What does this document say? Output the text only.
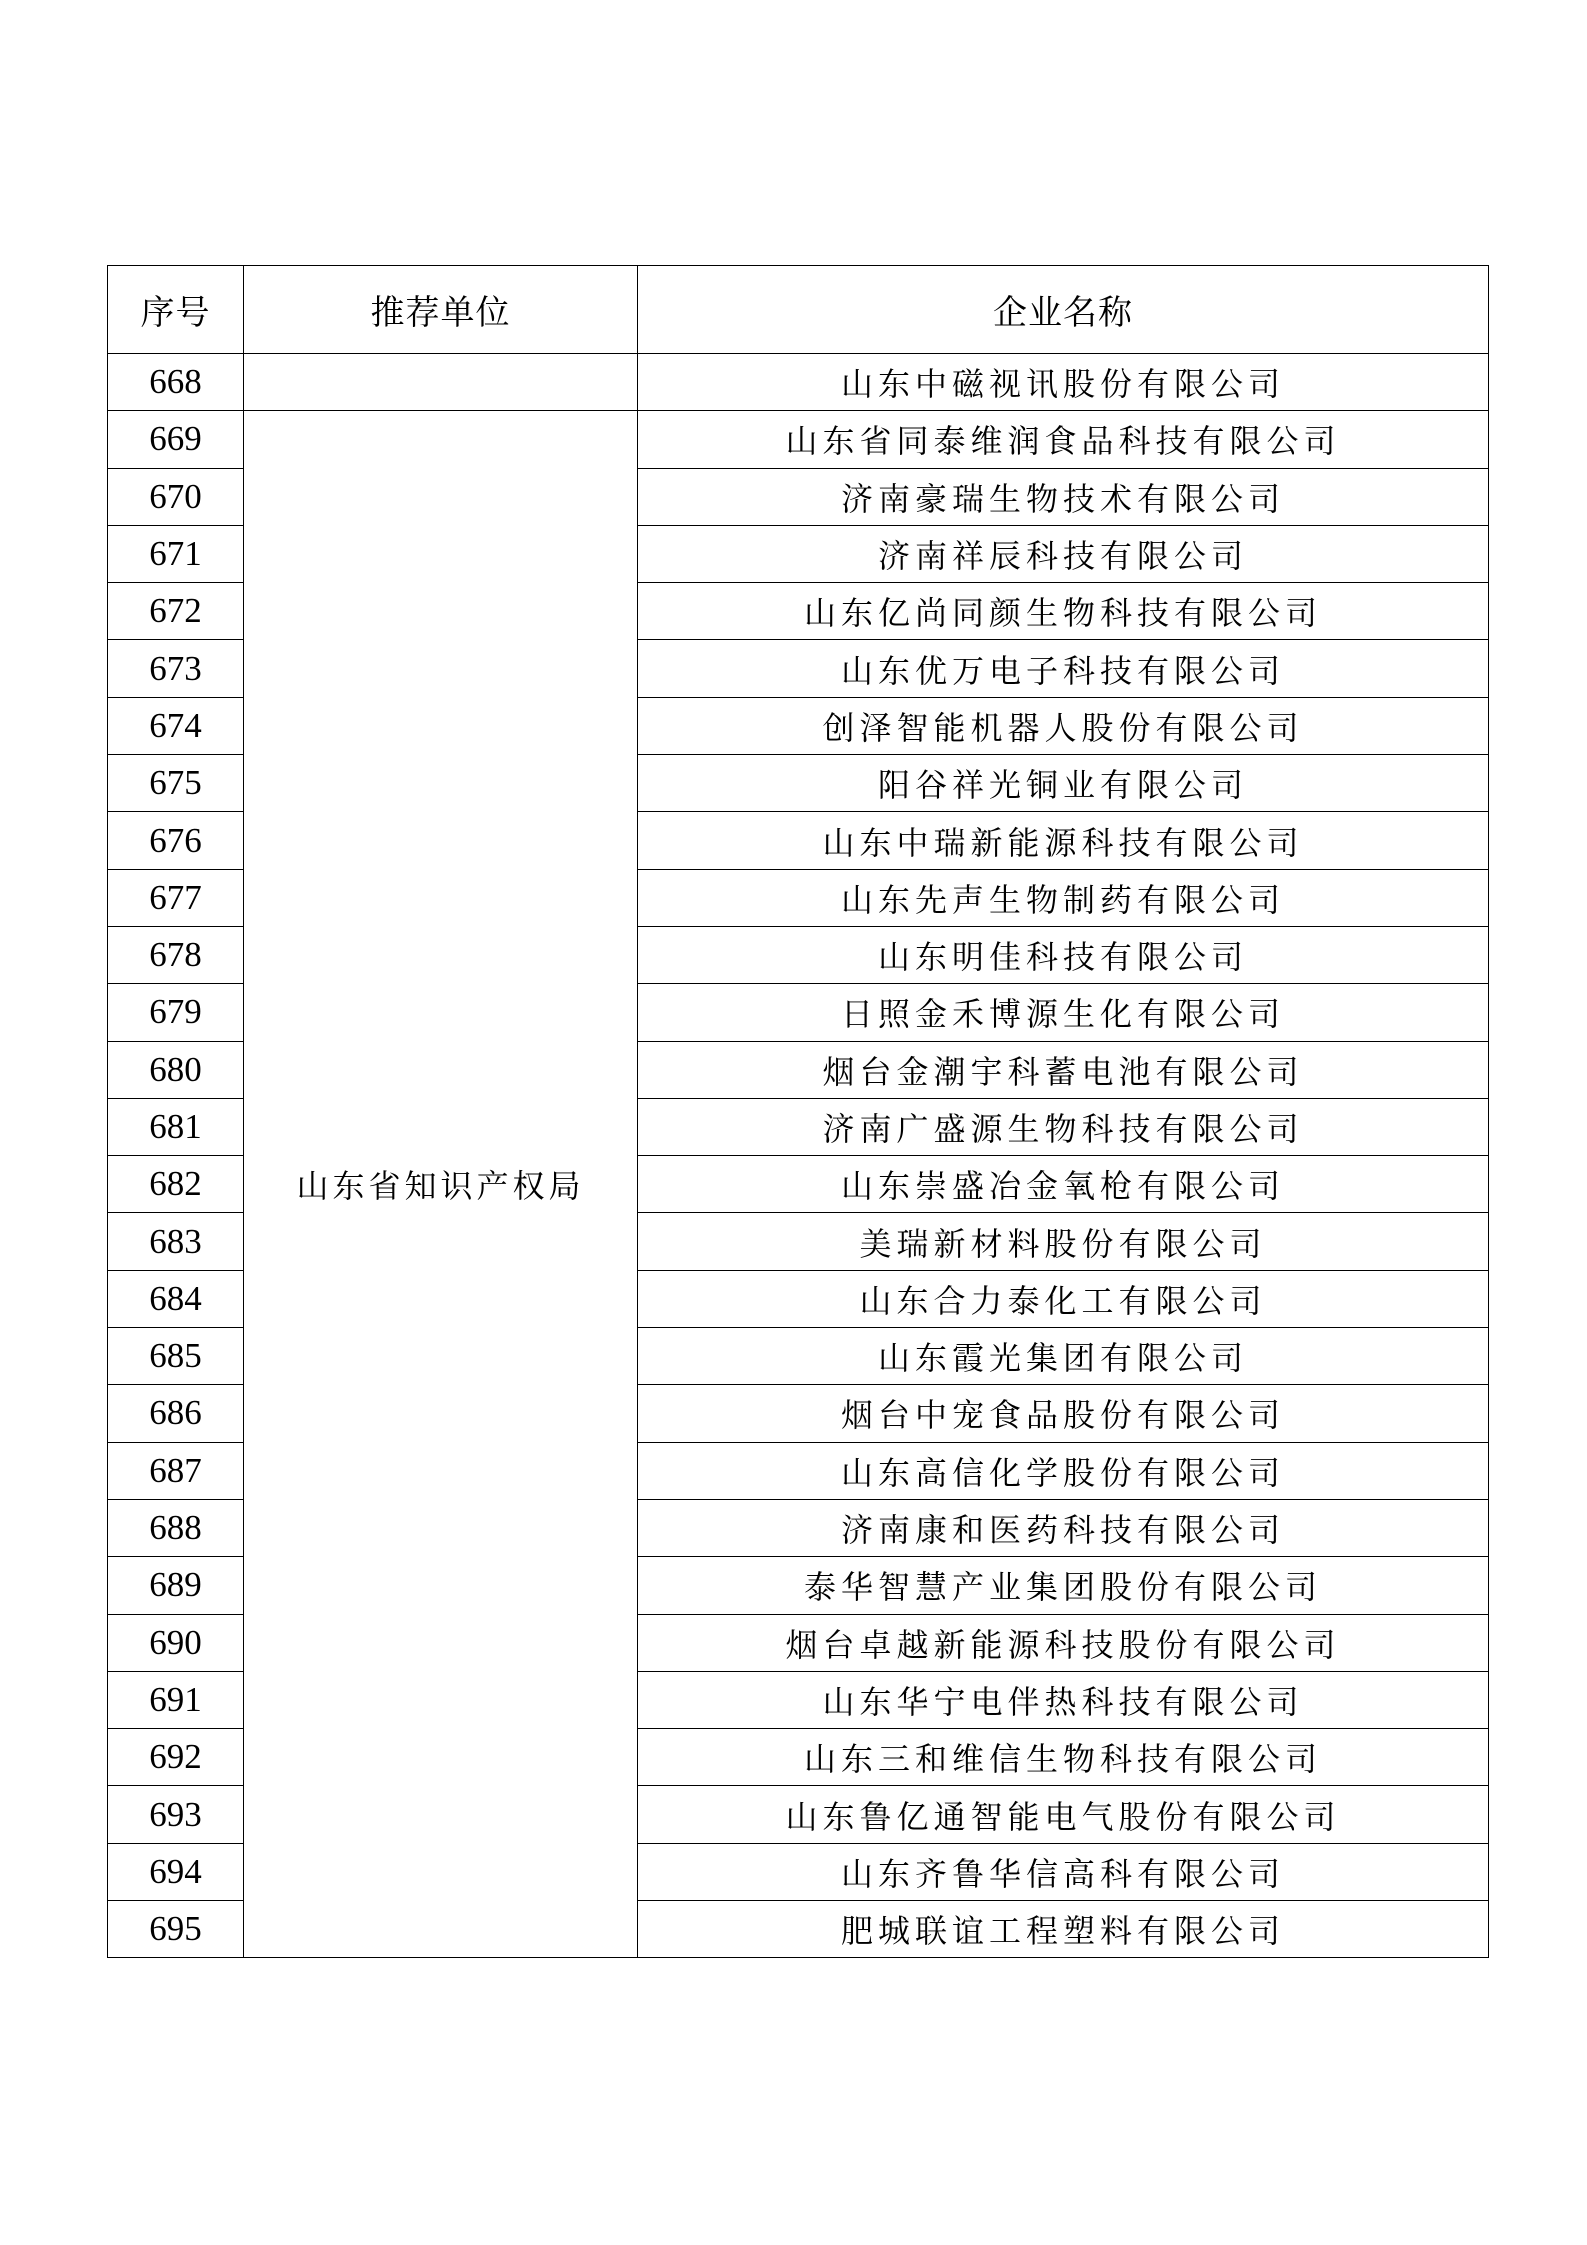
序号	推荐单位	企业名称
668		山东中磁视讯股份有限公司
669	山东省知识产权局	山东省同泰维润食品科技有限公司
670		济南豪瑞生物技术有限公司
671		济南祥辰科技有限公司
672		山东亿尚同颜生物科技有限公司
673		山东优万电子科技有限公司
674		创泽智能机器人股份有限公司
675		阳谷祥光铜业有限公司
676		山东中瑞新能源科技有限公司
677		山东先声生物制药有限公司
678		山东明佳科技有限公司
679		日照金禾博源生化有限公司
680		烟台金潮宇科蓄电池有限公司
681		济南广盛源生物科技有限公司
682		山东崇盛冶金氧枪有限公司
683		美瑞新材料股份有限公司
684		山东合力泰化工有限公司
685		山东霞光集团有限公司
686		烟台中宠食品股份有限公司
687		山东高信化学股份有限公司
688		济南康和医药科技有限公司
689		泰华智慧产业集团股份有限公司
690		烟台卓越新能源科技股份有限公司
691		山东华宁电伴热科技有限公司
692		山东三和维信生物科技有限公司
693		山东鲁亿通智能电气股份有限公司
694		山东齐鲁华信高科有限公司
695		肥城联谊工程塑料有限公司
